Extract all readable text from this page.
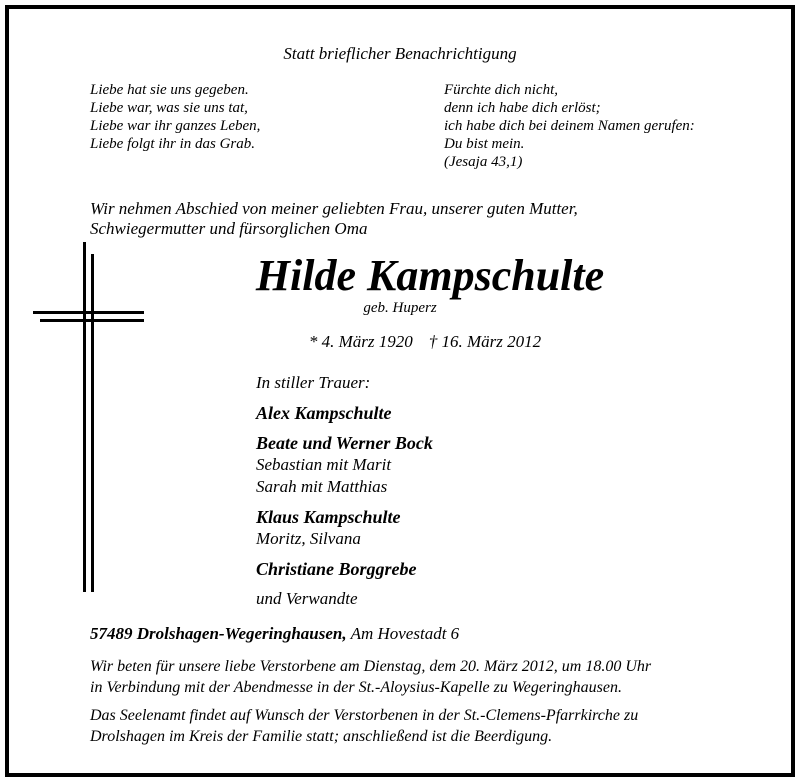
Statt brieflicher Benachrichtigung
Liebe hat sie uns gegeben.
Liebe war, was sie uns tat,
Liebe war ihr ganzes Leben,
Liebe folgt ihr in das Grab.
Fürchte dich nicht,
denn ich habe dich erlöst;
ich habe dich bei deinem Namen gerufen:
Du bist mein.
(Jesaja 43,1)
Wir nehmen Abschied von meiner geliebten Frau, unserer guten Mutter,
Schwiegermutter und fürsorglichen Oma
Hilde Kampschulte
geb. Huperz
* 4. März 1920 † 16. März 2012
In stiller Trauer:
Alex Kampschulte
Beate und Werner Bock
Sebastian mit Marit
Sarah mit Matthias
Klaus Kampschulte
Moritz, Silvana
Christiane Borggrebe
und Verwandte
57489 Drolshagen-Wegeringhausen, Am Hovestadt 6
Wir beten für unsere liebe Verstorbene am Dienstag, dem 20. März 2012, um 18.00 Uhr
in Verbindung mit der Abendmesse in der St.-Aloysius-Kapelle zu Wegeringhausen.
Das Seelenamt findet auf Wunsch der Verstorbenen in der St.-Clemens-Pfarrkirche zu
Drolshagen im Kreis der Familie statt; anschließend ist die Beerdigung.
